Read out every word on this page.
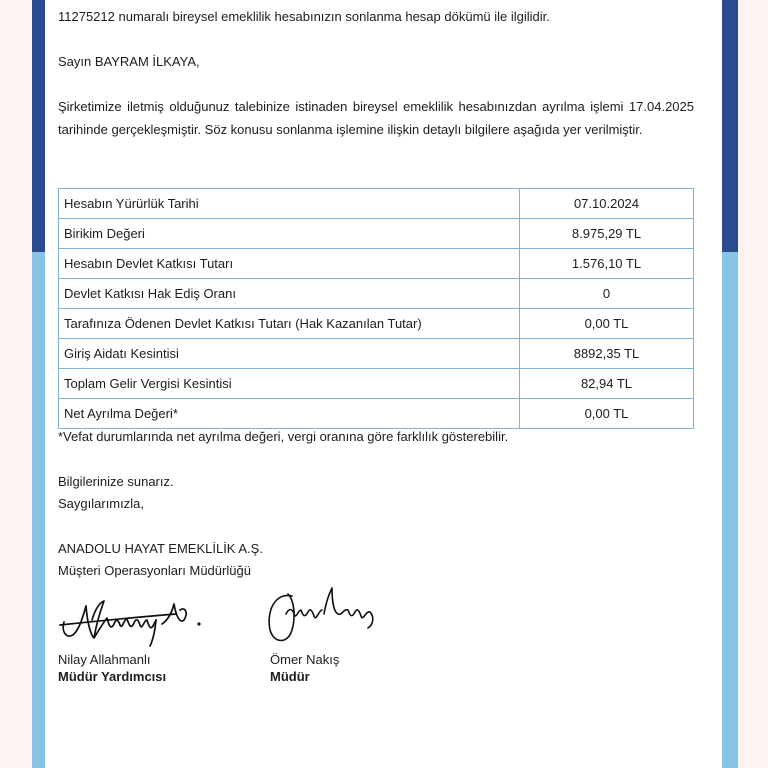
11275212 numaralı bireysel emeklilik hesabınızın sonlanma hesap dökümü ile ilgilidir.
Sayın BAYRAM İLKAYA,

Şirketimize iletmiş olduğunuz talebinize istinaden bireysel emeklilik hesabınızdan ayrılma işlemi 17.04.2025 tarihinde gerçekleşmiştir. Söz konusu sonlanma işlemine ilişkin detaylı bilgilere aşağıda yer verilmiştir.

Hesabın Yürürlük Tarihi	07.10.2024
Birikim Değeri	8.975,29 TL
Hesabın Devlet Katkısı Tutarı	1.576,10 TL
Devlet Katkısı Hak Ediş Oranı	0
Tarafınıza Ödenen Devlet Katkısı Tutarı (Hak Kazanılan Tutar)	0,00 TL
Giriş Aidatı Kesintisi	8892,35 TL
Toplam Gelir Vergisi Kesintisi	82,94 TL
Net Ayrılma Değeri*	0,00 TL
*Vefat durumlarında net ayrılma değeri, vergi oranına göre farklılık gösterebilir.
Bilgilerinize sunarız.
Saygılarımızla,
ANADOLU HAYAT EMEKLİLİK A.Ş.
Müşteri Operasyonları Müdürlüğü
Nilay Allahmanlı
Müdür Yardımcısı
Ömer Nakış
Müdür
